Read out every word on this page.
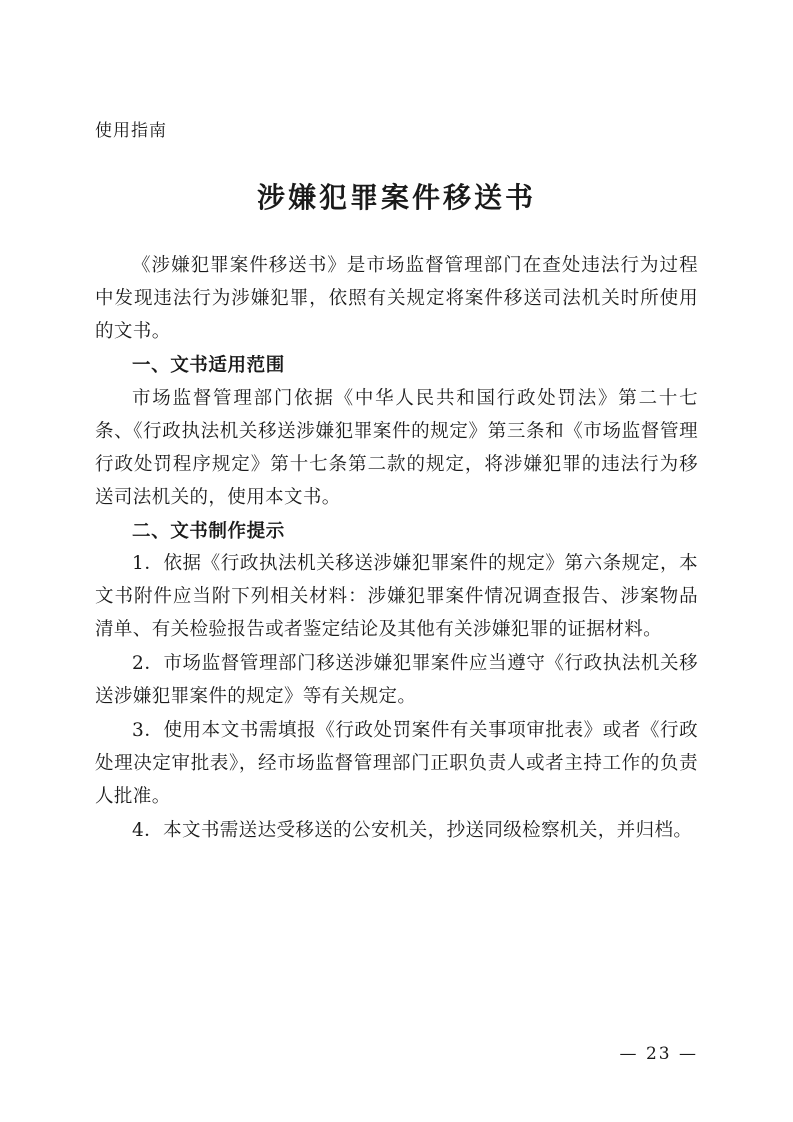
使用指南
涉嫌犯罪案件移送书

《涉嫌犯罪案件移送书》是市场监督管理部门在查处违法行为过程中发现违法行为涉嫌犯罪，依照有关规定将案件移送司法机关时所使用的文书。

一、文书适用范围

市场监督管理部门依据《中华人民共和国行政处罚法》第二十七条、《行政执法机关移送涉嫌犯罪案件的规定》第三条和《市场监督管理行政处罚程序规定》第十七条第二款的规定，将涉嫌犯罪的违法行为移送司法机关的，使用本文书。

二、文书制作提示

1．依据《行政执法机关移送涉嫌犯罪案件的规定》第六条规定，本文书附件应当附下列相关材料：涉嫌犯罪案件情况调查报告、涉案物品清单、有关检验报告或者鉴定结论及其他有关涉嫌犯罪的证据材料。

2．市场监督管理部门移送涉嫌犯罪案件应当遵守《行政执法机关移送涉嫌犯罪案件的规定》等有关规定。

3．使用本文书需填报《行政处罚案件有关事项审批表》或者《行政处理决定审批表》，经市场监督管理部门正职负责人或者主持工作的负责人批准。

4．本文书需送达受移送的公安机关，抄送同级检察机关，并归档。

— 23 —
